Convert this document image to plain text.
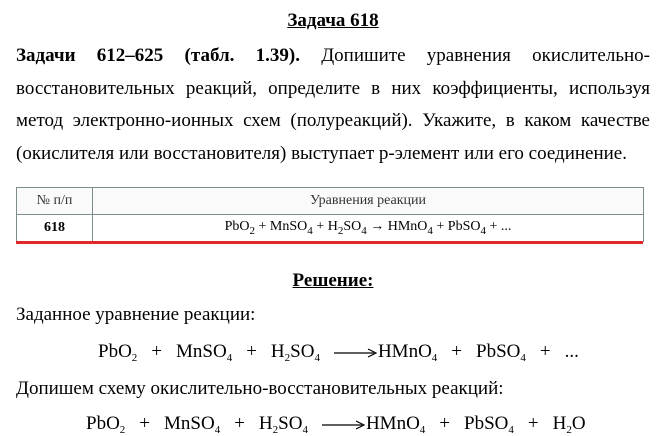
Задача 618
Задачи 612–625 (табл. 1.39). Допишите уравнения окислительно-восстановительных реакций, определите в них коэффициенты, используя метод электронно-ионных схем (полуреакций). Укажите, в каком качестве (окислителя или восстановителя) выступает р-элемент или его соединение.
№ п/п	Уравнения реакции
618	PbO$_2$ + MnSO$_4$ + $H_2SO_4$ → HMnO$_4$ + PbSO$_4$ + ...
Решение:
Заданное уравнение реакции:
PbO$_2$ + MnSO$_4$ + $H_2SO_4$	HMnO$_4$ + PbSO$_4$ + ...
Допишем схему окислительно-восстановительных реакций:
PbO$_2$ + MnSO$_4$ + $H_2SO_4$	HMnO$_4$ + PbSO$_4$ + $H_2O$
